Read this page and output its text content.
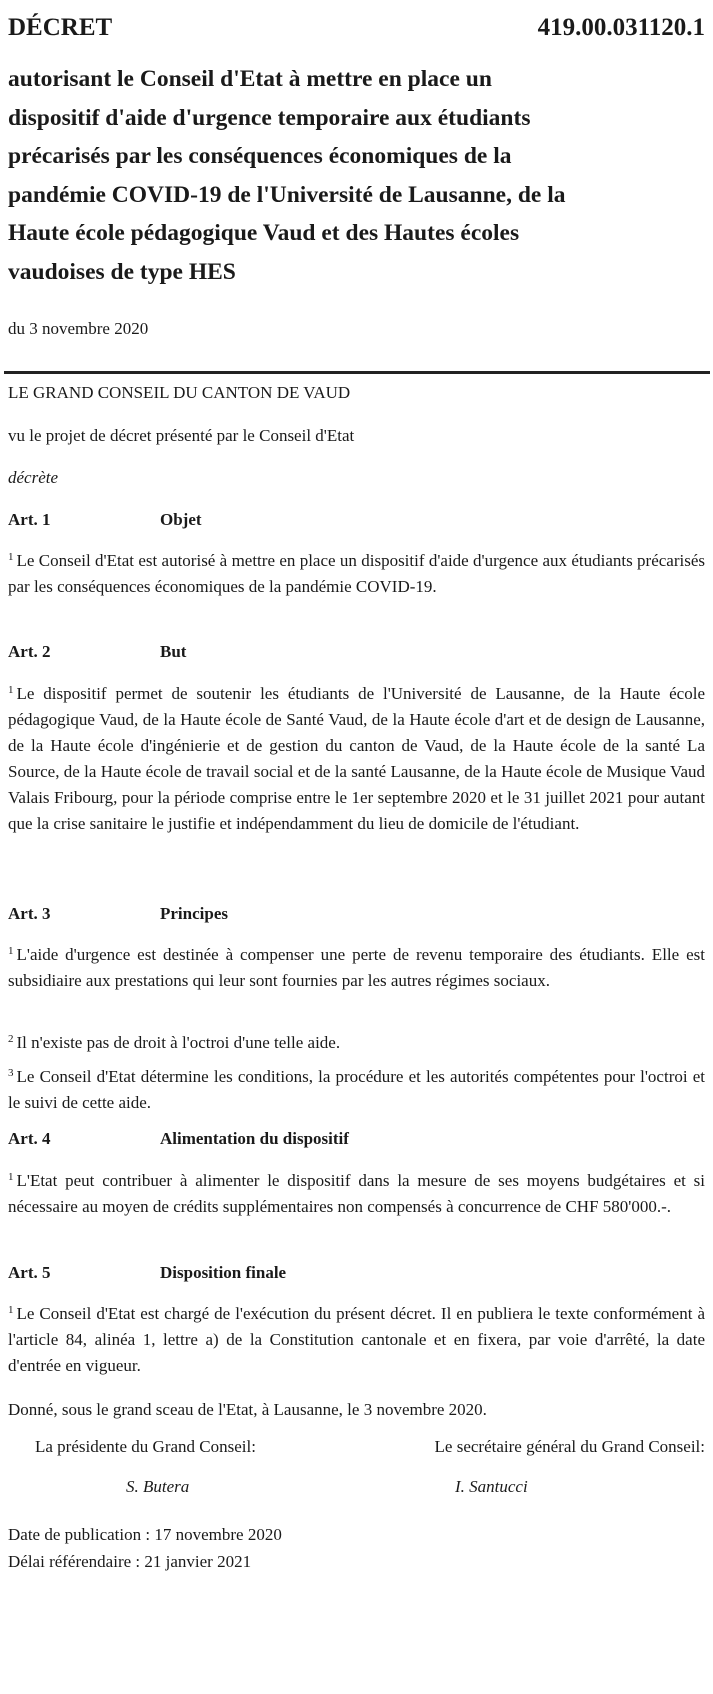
DÉCRET	419.00.031120.1
autorisant le Conseil d'Etat à mettre en place un
dispositif d'aide d'urgence temporaire aux étudiants
précarisés par les conséquences économiques de la
pandémie COVID-19 de l'Université de Lausanne, de la
Haute école pédagogique Vaud et des Hautes écoles
vaudoises de type HES
du 3 novembre 2020
LE GRAND CONSEIL DU CANTON DE VAUD
vu le projet de décret présenté par le Conseil d'Etat
décrète
Art. 1	Objet
$^1$ Le Conseil d'Etat est autorisé à mettre en place un dispositif d'aide d'urgence aux étudiants précarisés par les conséquences économiques de la pandémie COVID-19.
Art. 2	But
$^1$ Le dispositif permet de soutenir les étudiants de l'Université de Lausanne, de la Haute école pédagogique Vaud, de la Haute école de Santé Vaud, de la Haute école d'art et de design de Lausanne, de la Haute école d'ingénierie et de gestion du canton de Vaud, de la Haute école de la santé La Source, de la Haute école de travail social et de la santé Lausanne, de la Haute école de Musique Vaud Valais Fribourg, pour la période comprise entre le 1er septembre 2020 et le 31 juillet 2021 pour autant que la crise sanitaire le justifie et indépendamment du lieu de domicile de l'étudiant.
Art. 3	Principes
$^1$ L'aide d'urgence est destinée à compenser une perte de revenu temporaire des étudiants. Elle est subsidiaire aux prestations qui leur sont fournies par les autres régimes sociaux.
$^2$ Il n'existe pas de droit à l'octroi d'une telle aide.
$^3$ Le Conseil d'Etat détermine les conditions, la procédure et les autorités compétentes pour l'octroi et le suivi de cette aide.
Art. 4	Alimentation du dispositif
$^1$ L'Etat peut contribuer à alimenter le dispositif dans la mesure de ses moyens budgétaires et si nécessaire au moyen de crédits supplémentaires non compensés à concurrence de CHF 580'000.-.
Art. 5	Disposition finale
$^1$ Le Conseil d'Etat est chargé de l'exécution du présent décret. Il en publiera le texte conformément à l'article 84, alinéa 1, lettre a) de la Constitution cantonale et en fixera, par voie d'arrêté, la date d'entrée en vigueur.
Donné, sous le grand sceau de l'Etat, à Lausanne, le 3 novembre 2020.
La présidente du Grand Conseil:	Le secrétaire général du Grand Conseil:
S. Butera	I. Santucci
Date de publication : 17 novembre 2020
Délai référendaire : 21 janvier 2021
